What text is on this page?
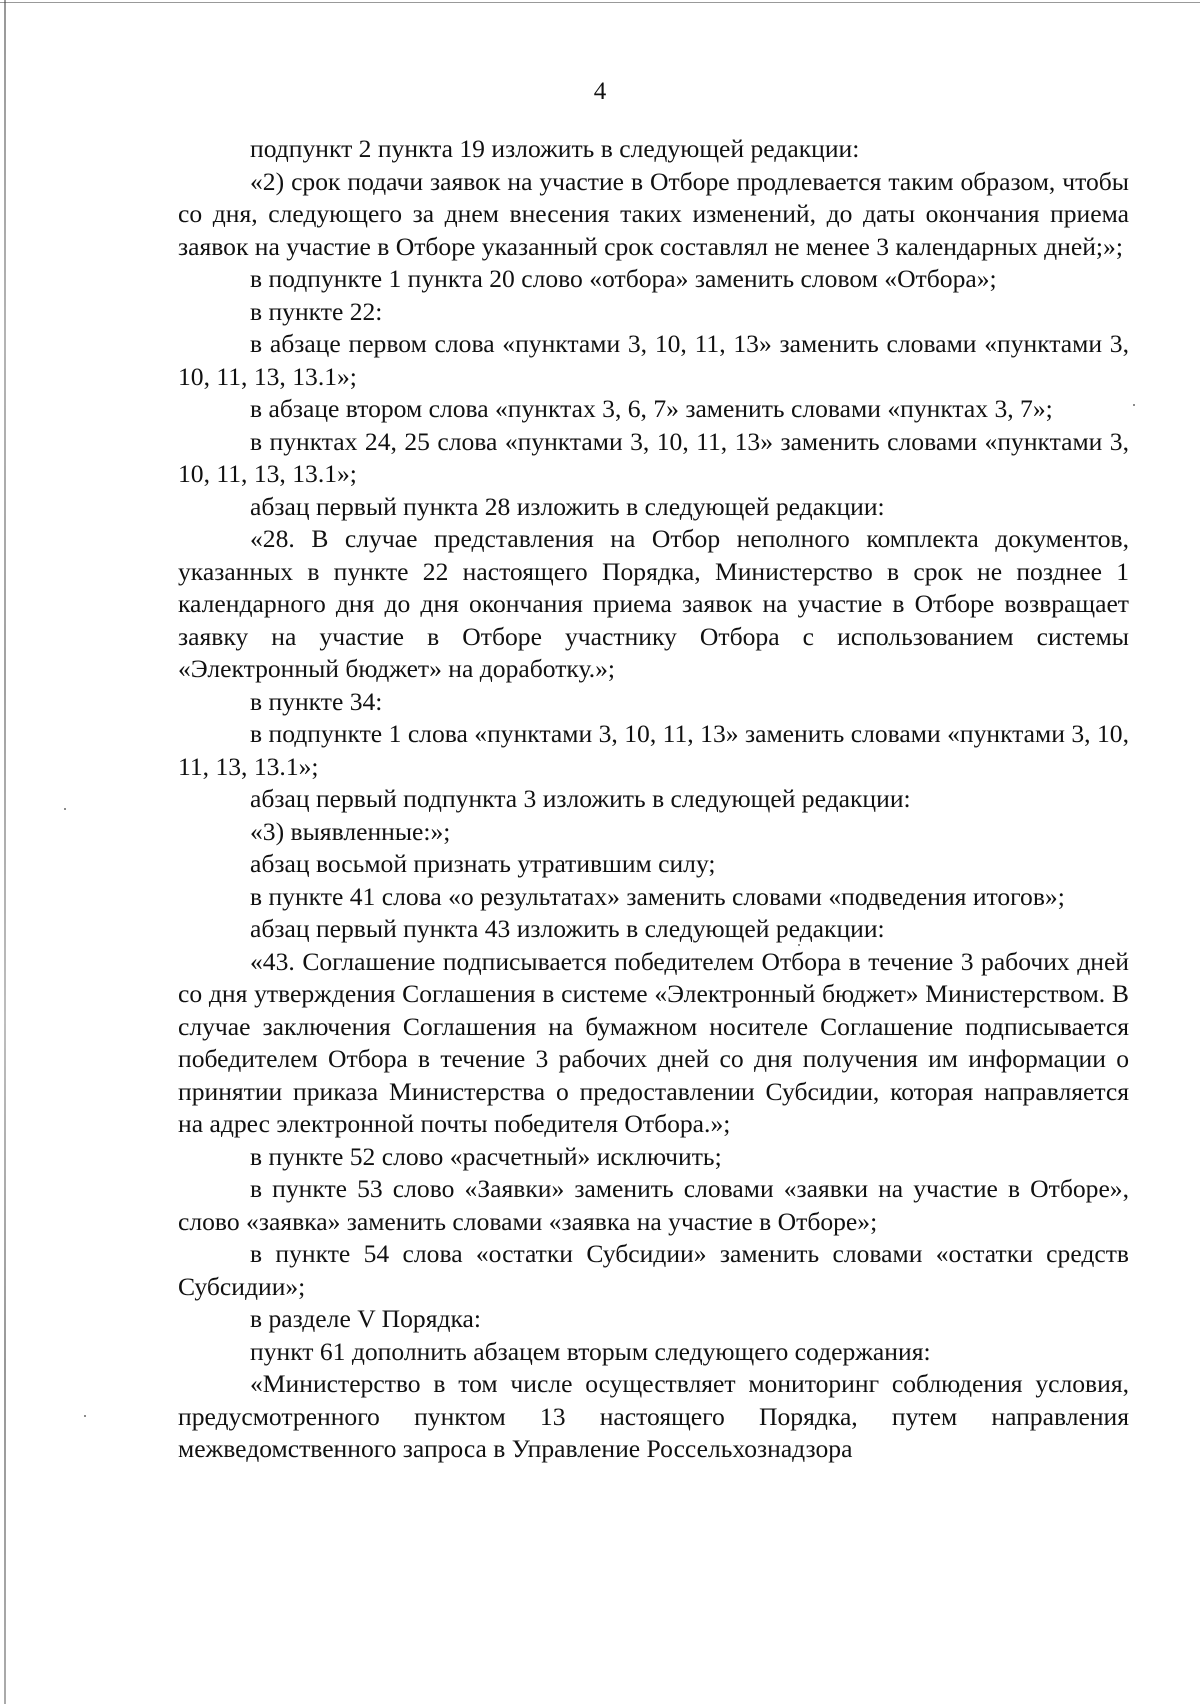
4

подпункт 2 пункта 19 изложить в следующей редакции:

«2) срок подачи заявок на участие в Отборе продлевается таким образом, чтобы со дня, следующего за днем внесения таких изменений, до даты окончания приема заявок на участие в Отборе указанный срок составлял не менее 3 календарных дней;»;

в подпункте 1 пункта 20 слово «отбора» заменить словом «Отбора»;

в пункте 22:

в абзаце первом слова «пунктами 3, 10, 11, 13» заменить словами «пунктами 3, 10, 11, 13, 13.1»;

в абзаце втором слова «пунктах 3, 6, 7» заменить словами «пунктах 3, 7»;

в пунктах 24, 25 слова «пунктами 3, 10, 11, 13» заменить словами «пунктами 3, 10, 11, 13, 13.1»;

абзац первый пункта 28 изложить в следующей редакции:

«28. В случае представления на Отбор неполного комплекта документов, указанных в пункте 22 настоящего Порядка, Министерство в срок не позднее 1 календарного дня до дня окончания приема заявок на участие в Отборе возвращает заявку на участие в Отборе участнику Отбора с использованием системы «Электронный бюджет» на доработку.»;

в пункте 34:

в подпункте 1 слова «пунктами 3, 10, 11, 13» заменить словами «пунктами 3, 10, 11, 13, 13.1»;

абзац первый подпункта 3 изложить в следующей редакции:

«3) выявленные:»;

абзац восьмой признать утратившим силу;

в пункте 41 слова «о результатах» заменить словами «подведения итогов»;

абзац первый пункта 43 изложить в следующей редакции:

«43. Соглашение подписывается победителем Отбора в течение 3 рабочих дней со дня утверждения Соглашения в системе «Электронный бюджет» Министерством. В случае заключения Соглашения на бумажном носителе Соглашение подписывается победителем Отбора в течение 3 рабочих дней со дня получения им информации о принятии приказа Министерства о предоставлении Субсидии, которая направляется на адрес электронной почты победителя Отбора.»;

в пункте 52 слово «расчетный» исключить;

в пункте 53 слово «Заявки» заменить словами «заявки на участие в Отборе», слово «заявка» заменить словами «заявка на участие в Отборе»;

в пункте 54 слова «остатки Субсидии» заменить словами «остатки средств Субсидии»;

в разделе V Порядка:

пункт 61 дополнить абзацем вторым следующего содержания:

«Министерство в том числе осуществляет мониторинг соблюдения условия, предусмотренного пунктом 13 настоящего Порядка, путем направления межведомственного запроса в Управление Россельхознадзора
